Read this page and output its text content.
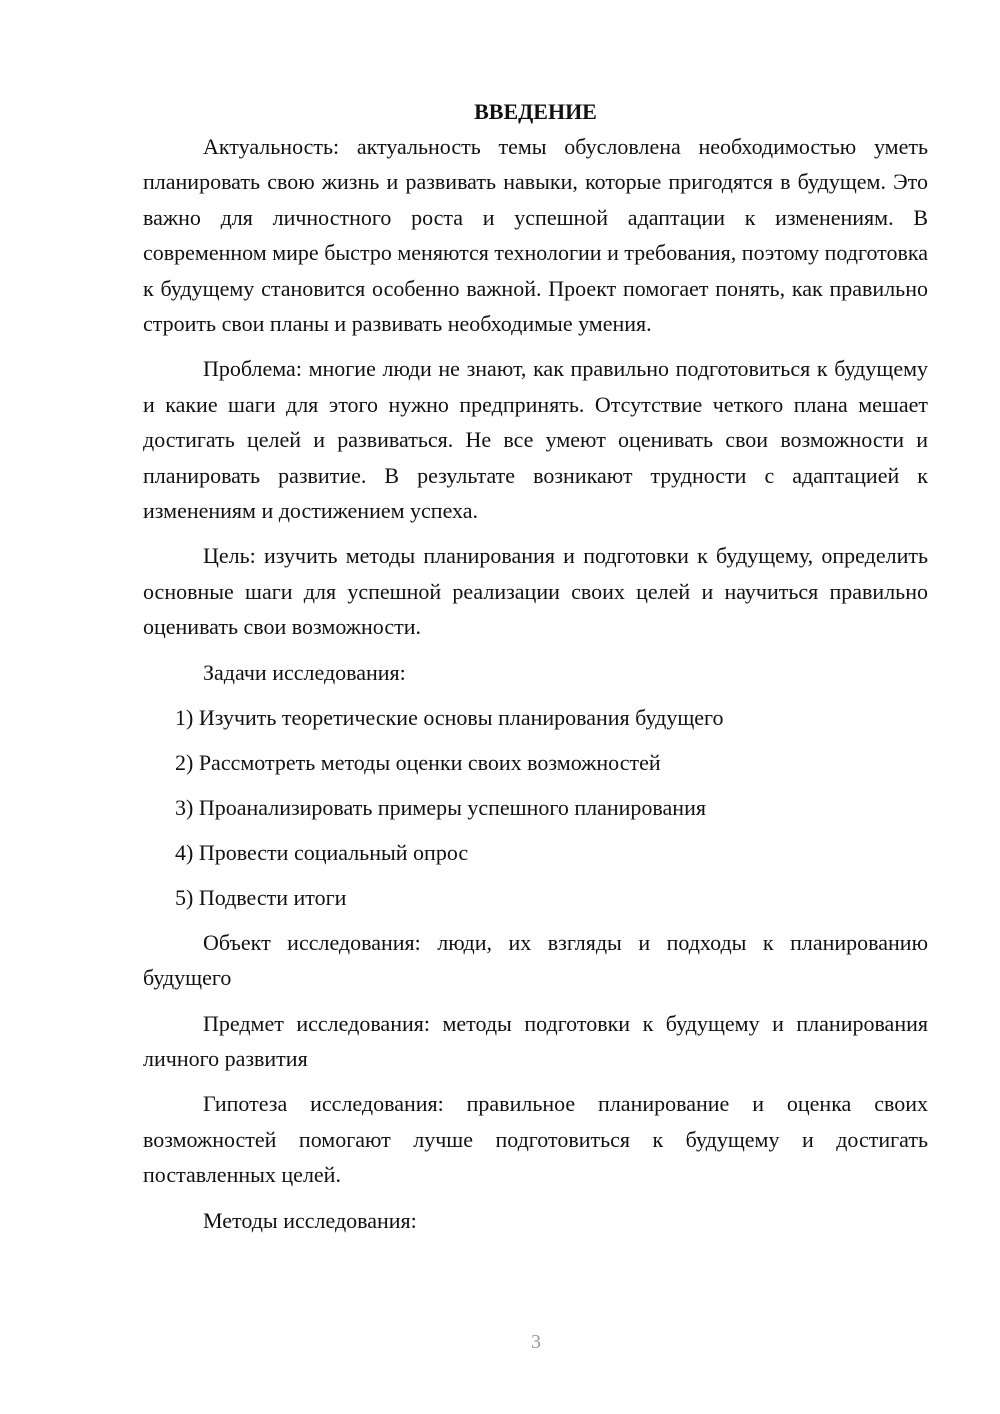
ВВЕДЕНИЕ

Актуальность: актуальность темы обусловлена необходимостью уметь планировать свою жизнь и развивать навыки, которые пригодятся в будущем. Это важно для личностного роста и успешной адаптации к изменениям. В современном мире быстро меняются технологии и требования, поэтому подготовка к будущему становится особенно важной. Проект помогает понять, как правильно строить свои планы и развивать необходимые умения.

Проблема: многие люди не знают, как правильно подготовиться к будущему и какие шаги для этого нужно предпринять. Отсутствие четкого плана мешает достигать целей и развиваться. Не все умеют оценивать свои возможности и планировать развитие. В результате возникают трудности с адаптацией к изменениям и достижением успеха.

Цель: изучить методы планирования и подготовки к будущему, определить основные шаги для успешной реализации своих целей и научиться правильно оценивать свои возможности.

Задачи исследования:

1) Изучить теоретические основы планирования будущего
2) Рассмотреть методы оценки своих возможностей
3) Проанализировать примеры успешного планирования
4) Провести социальный опрос
5) Подвести итоги

Объект исследования: люди, их взгляды и подходы к планированию будущего

Предмет исследования: методы подготовки к будущему и планирования личного развития

Гипотеза исследования: правильное планирование и оценка своих возможностей помогают лучше подготовиться к будущему и достигать поставленных целей.

Методы исследования:

3
